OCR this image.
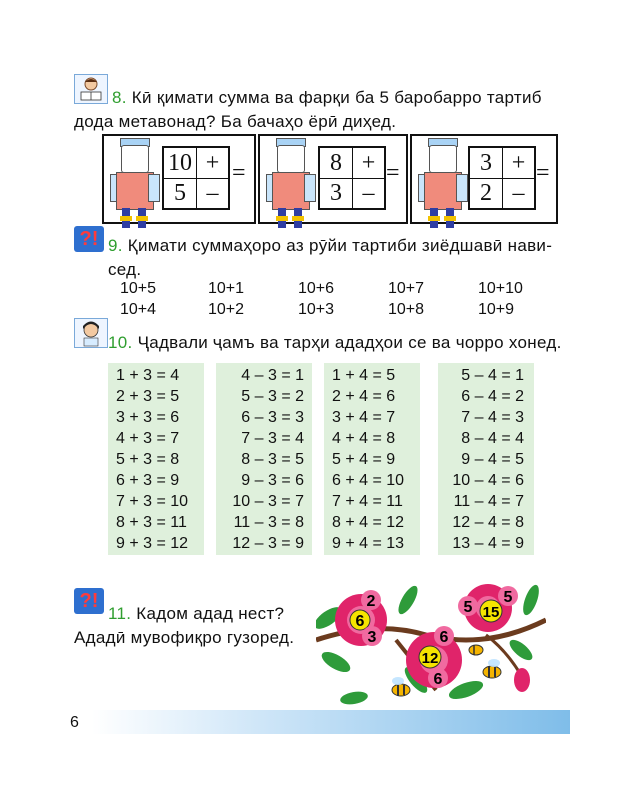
8. Кӣ қимати сумма ва фарқи ба 5 баробарро тартиб
дода метавонад? Ба бачаҳо ёрӣ диҳед.
10 +
5 –
=	8 +
3 –
=	3 +
2 –
=
?! 9. Қимати суммаҳоро аз рӯйи тартиби зиёдшавӣ нави-
сед.
10+5	10+1	10+6	10+7	10+10
10+4	10+2	10+3	10+8	10+9
10. Ҷадвали ҷамъ ва тарҳи ададҳои се ва чорро хонед.
1 + 3 = 4
2 + 3 = 5
3 + 3 = 6
4 + 3 = 7
5 + 3 = 8
6 + 3 = 9
7 + 3 = 10
8 + 3 = 11
9 + 3 = 12
4 – 3 = 1
5 – 3 = 2
6 – 3 = 3
7 – 3 = 4
8 – 3 = 5
9 – 3 = 6
10 – 3 = 7
11 – 3 = 8
12 – 3 = 9
1 + 4 = 5
2 + 4 = 6
3 + 4 = 7
4 + 4 = 8
5 + 4 = 9
6 + 4 = 10
7 + 4 = 11
8 + 4 = 12
9 + 4 = 13
5 – 4 = 1
6 – 4 = 2
7 – 4 = 3
8 – 4 = 4
9 – 4 = 5
10 – 4 = 6
11 – 4 = 7
12 – 4 = 8
13 – 4 = 9
?!
11. Кадом адад нест?
Ададӣ мувофиқро гузоред.
2
6
3
5 15
5
6
12
6
6
